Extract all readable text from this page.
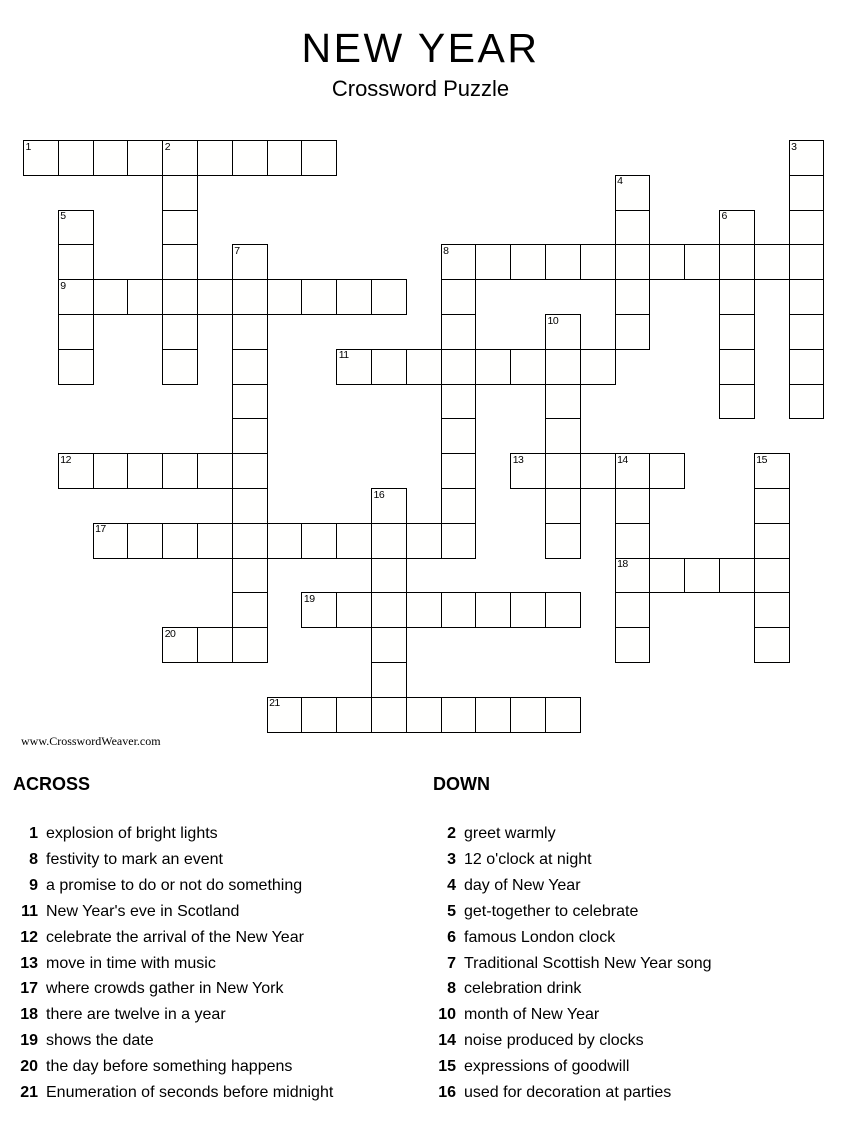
NEW YEAR
Crossword Puzzle
1	2
8
9
11
12	13	14
17
18
19
20
21
3
4
5	6
7
10
15
16
www.CrosswordWeaver.com
ACROSS	DOWN
1 explosion of bright lights
8 festivity to mark an event
9 a promise to do or not do something
11 New Year's eve in Scotland
12 celebrate the arrival of the New Year
13 move in time with music
17 where crowds gather in New York
18 there are twelve in a year
19 shows the date
20 the day before something happens
21 Enumeration of seconds before midnight
2 greet warmly
3 12 o'clock at night
4 day of New Year
5 get-together to celebrate
6 famous London clock
7 Traditional Scottish New Year song
8 celebration drink
10 month of New Year
14 noise produced by clocks
15 expressions of goodwill
16 used for decoration at parties
